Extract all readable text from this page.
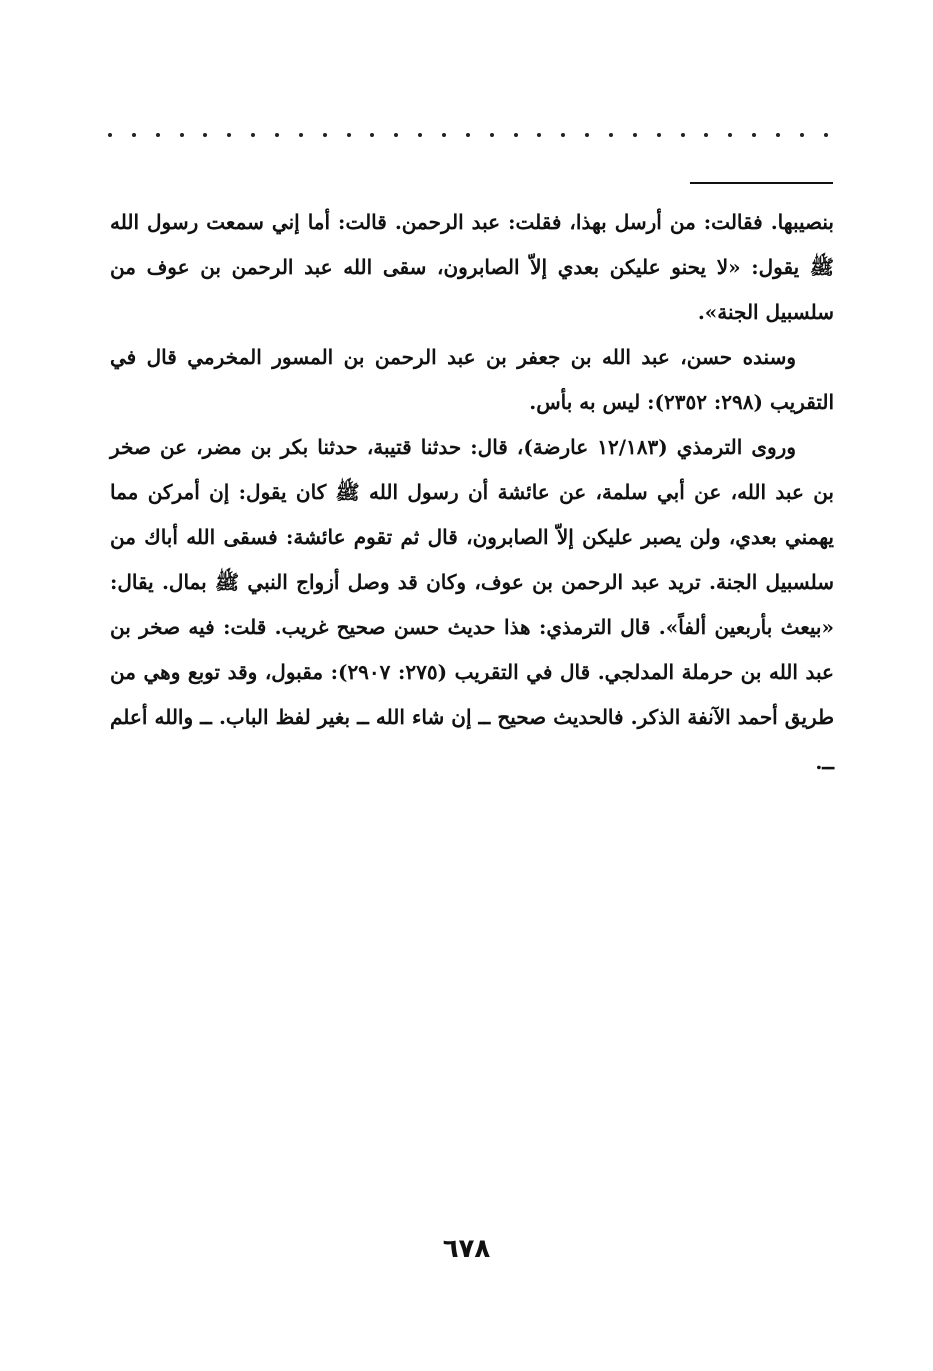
بنصيبها. فقالت: من أرسل بهذا، فقلت: عبد الرحمن. قالت: أما إني سمعت رسول الله ﷺ يقول: «لا يحنو عليكن بعدي إلاّ الصابرون، سقى الله عبد الرحمن بن عوف من سلسبيل الجنة».

وسنده حسن، عبد الله بن جعفر بن عبد الرحمن بن المسور المخرمي قال في التقريب (٢٩٨: ٢٣٥٢): ليس به بأس.

وروى الترمذي (١٢/١٨٣ عارضة)، قال: حدثنا قتيبة، حدثنا بكر بن مضر، عن صخر بن عبد الله، عن أبي سلمة، عن عائشة أن رسول الله ﷺ كان يقول: إن أمركن مما يهمني بعدي، ولن يصبر عليكن إلاّ الصابرون، قال ثم تقوم عائشة: فسقى الله أباك من سلسبيل الجنة. تريد عبد الرحمن بن عوف، وكان قد وصل أزواج النبي ﷺ بمال. يقال: «بيعث بأربعين ألفاً». قال الترمذي: هذا حديث حسن صحيح غريب. قلت: فيه صخر بن عبد الله بن حرملة المدلجي. قال في التقريب (٢٧٥: ٢٩٠٧): مقبول، وقد توبع وهي من طريق أحمد الآنفة الذكر. فالحديث صحيح ــ إن شاء الله ــ بغير لفظ الباب. ــ والله أعلم ــ.

٦٧٨
